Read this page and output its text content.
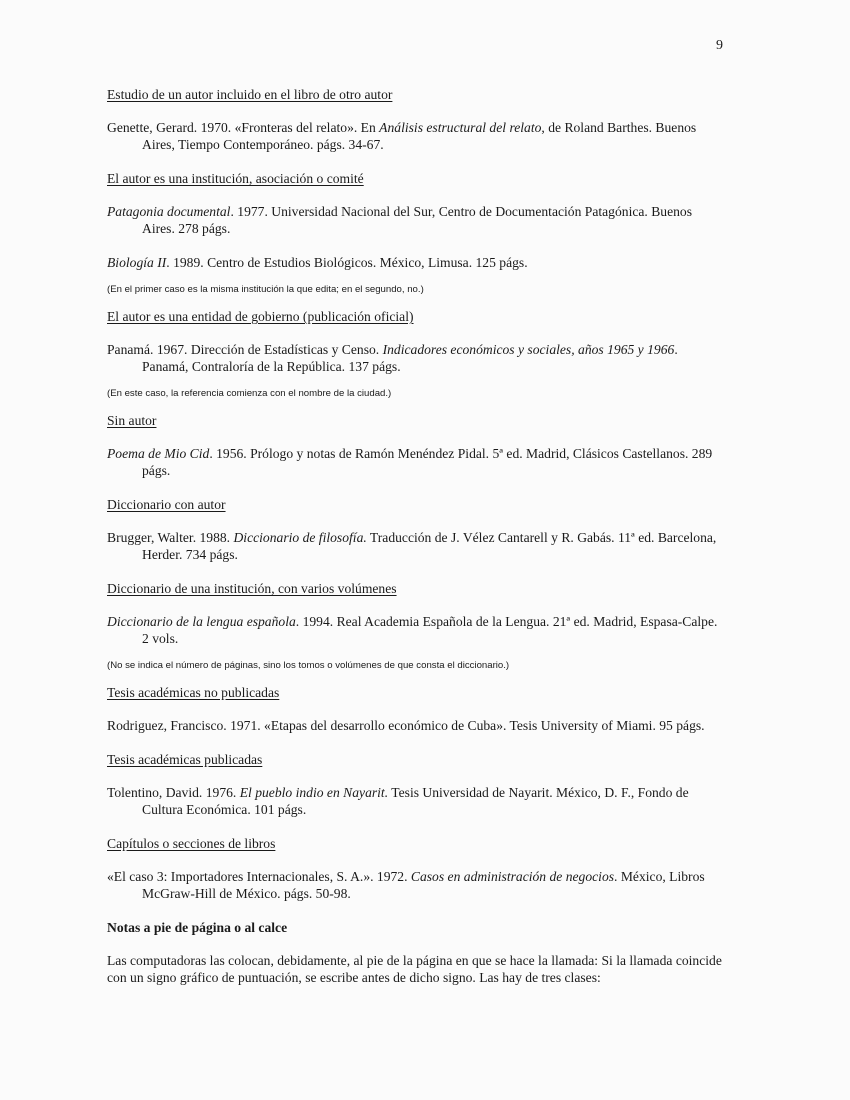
9

Estudio de un autor incluido en el libro de otro autor

Genette, Gerard. 1970. «Fronteras del relato». En Análisis estructural del relato, de Roland Barthes. Buenos Aires, Tiempo Contemporáneo. págs. 34-67.

El autor es una institución, asociación o comité

Patagonia documental. 1977. Universidad Nacional del Sur, Centro de Documentación Patagónica. Buenos Aires. 278 págs.

Biología II. 1989. Centro de Estudios Biológicos. México, Limusa. 125 págs.

(En el primer caso es la misma institución la que edita; en el segundo, no.)

El autor es una entidad de gobierno (publicación oficial)

Panamá. 1967. Dirección de Estadísticas y Censo. Indicadores económicos y sociales, años 1965 y 1966. Panamá, Contraloría de la República. 137 págs.

(En este caso, la referencia comienza con el nombre de la ciudad.)

Sin autor

Poema de Mio Cid. 1956. Prólogo y notas de Ramón Menéndez Pidal. 5ª ed. Madrid, Clásicos Castellanos. 289 págs.

Diccionario con autor

Brugger, Walter. 1988. Diccionario de filosofía. Traducción de J. Vélez Cantarell y R. Gabás. 11ª ed. Barcelona, Herder. 734 págs.

Diccionario de una institución, con varios volúmenes

Diccionario de la lengua española. 1994. Real Academia Española de la Lengua. 21ª ed. Madrid, Espasa-Calpe. 2 vols.

(No se indica el número de páginas, sino los tomos o volúmenes de que consta el diccionario.)

Tesis académicas no publicadas

Rodriguez, Francisco. 1971. «Etapas del desarrollo económico de Cuba». Tesis University of Miami. 95 págs.

Tesis académicas publicadas

Tolentino, David. 1976. El pueblo indio en Nayarit. Tesis Universidad de Nayarit. México, D. F., Fondo de Cultura Económica. 101 págs.

Capítulos o secciones de libros

«El caso 3: Importadores Internacionales, S. A.». 1972. Casos en administración de negocios. México, Libros McGraw-Hill de México. págs. 50-98.

Notas a pie de página o al calce

Las computadoras las colocan, debidamente, al pie de la página en que se hace la llamada: Si la llamada coincide con un signo gráfico de puntuación, se escribe antes de dicho signo. Las hay de tres clases:
